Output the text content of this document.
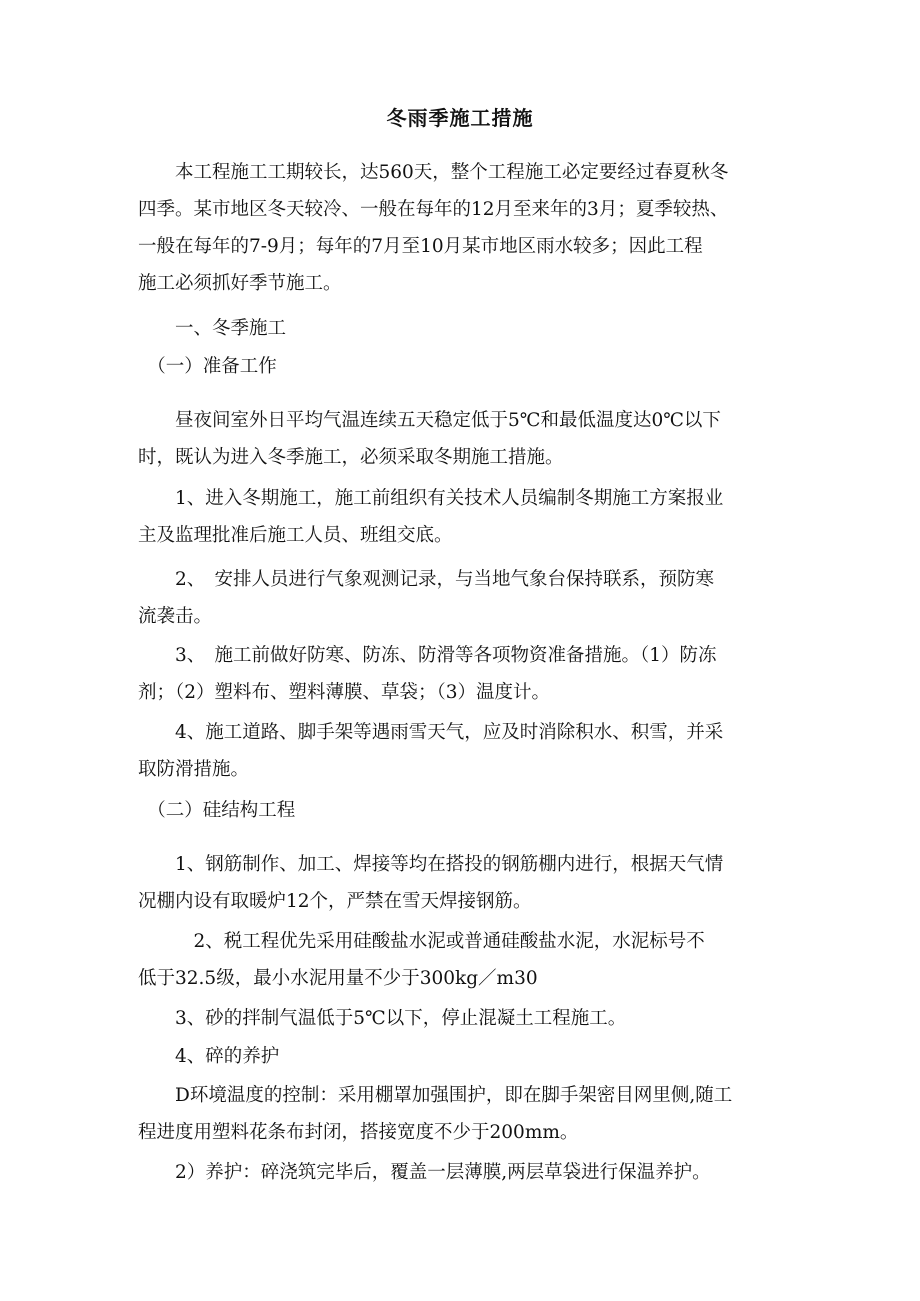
冬雨季施工措施
　　本工程施工工期较长，达560天，整个工程施工必定要经过春夏秋冬
四季。某市地区冬天较冷、一般在每年的12月至来年的3月；夏季较热、
一般在每年的7-9月；每年的7月至10月某市地区雨水较多；因此工程
施工必须抓好季节施工。
　　一、冬季施工
　（一）准备工作
　　昼夜间室外日平均气温连续五天稳定低于5℃和最低温度达0℃以下
时，既认为进入冬季施工，必须采取冬期施工措施。
　　1、进入冬期施工，施工前组织有关技术人员编制冬期施工方案报业
主及监理批准后施工人员、班组交底。
　　2、　安排人员进行气象观测记录，与当地气象台保持联系，预防寒
流袭击。
　　3、　施工前做好防寒、防冻、防滑等各项物资准备措施。（1）防冻
剂；（2）塑料布、塑料薄膜、草袋；（3）温度计。
　　4、施工道路、脚手架等遇雨雪天气，应及时消除积水、积雪，并采
取防滑措施。
　（二）硅结构工程
　　1、钢筋制作、加工、焊接等均在搭投的钢筋棚内进行，根据天气情
况棚内设有取暖炉12个，严禁在雪天焊接钢筋。
　　　2、税工程优先采用硅酸盐水泥或普通硅酸盐水泥，水泥标号不
低于32.5级，最小水泥用量不少于300kg／m30
　　3、砂的拌制气温低于5℃以下，停止混凝土工程施工。
　　4、碎的养护
　　D环境温度的控制：采用棚罩加强围护，即在脚手架密目网里侧,随工
程进度用塑料花条布封闭，搭接宽度不少于200mm。
　　2）养护：碎浇筑完毕后，覆盖一层薄膜,两层草袋进行保温养护。
